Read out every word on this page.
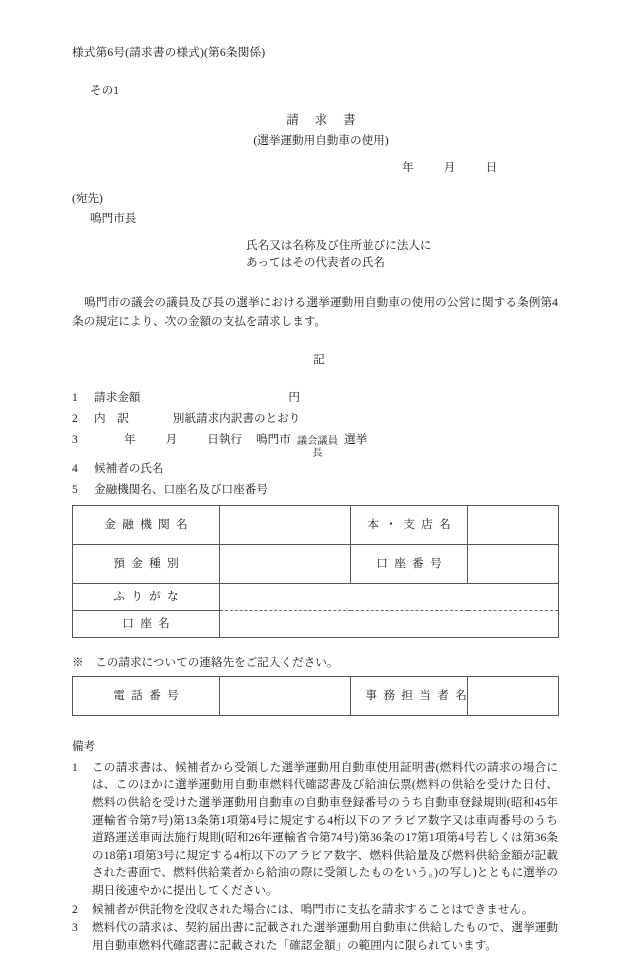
様式第6号(請求書の様式)(第6条関係)
その1
請求書
(選挙運動用自動車の使用)
年	月	日
(宛先)
鳴門市長
氏名又は名称及び住所並びに法人に
あってはその代表者の氏名
鳴門市の議会の議員及び長の選挙における選挙運動用自動車の使用の公営に関する条例第4条の規定により、次の金額の支払を請求します。
記
1	請求金額	円
2	内　訳	別紙請求内訳書のとおり
3	年	月	日執行 鳴門市 議会議員
長
選挙
4	候補者の氏名
5	金融機関名、口座名及び口座番号
金融機関名		本・支店名	
預金種別		口座番号	
ふりがな			
口座名			
※　この請求についての連絡先をご記入ください。
電話番号		事務担当者名	
備考
1	この請求書は、候補者から受領した選挙運動用自動車使用証明書(燃料代の請求の場合には、このほかに選挙運動用自動車燃料代確認書及び給油伝票(燃料の供給を受けた日付、燃料の供給を受けた選挙運動用自動車の自動車登録番号のうち自動車登録規則(昭和45年運輸省令第7号)第13条第1項第4号に規定する4桁以下のアラビア数字又は車両番号のうち道路運送車両法施行規則(昭和26年運輸省令第74号)第36条の17第1項第4号若しくは第36条の18第1項第3号に規定する4桁以下のアラビア数字、燃料供給量及び燃料供給金額が記載された書面で、燃料供給業者から給油の際に受領したものをいう。)の写し)とともに選挙の期日後速やかに提出してください。
2	候補者が供託物を没収された場合には、鳴門市に支払を請求することはできません。
3	燃料代の請求は、契約届出書に記載された選挙運動用自動車に供給したもので、選挙運動用自動車燃料代確認書に記載された「確認金額」の範囲内に限られています。
